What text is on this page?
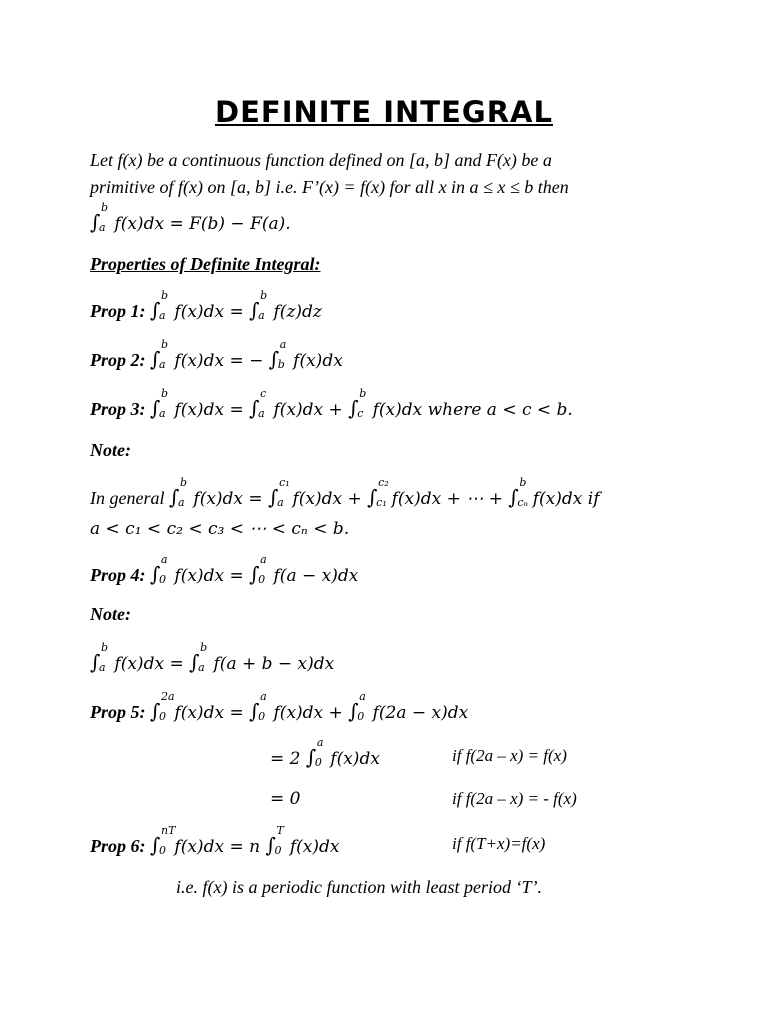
DEFINITE INTEGRAL
Let f(x) be a continuous function defined on [a, b] and F(x) be a
primitive of f(x) on [a, b] i.e. F’(x) = f(x) for all x in a ≤ x ≤ b then
∫
b
a f(x)dx = F(b) − F(a).
Properties of Definite Integral:
Prop 1: ∫
b
a f(x)dx = ∫
b
a f(z)dz
Prop 2: ∫
b
a f(x)dx = − ∫
a
b f(x)dx
Prop 3: ∫
b
a f(x)dx = ∫
c
a f(x)dx + ∫
b
c f(x)dx where a < c < b.
Note:
In general ∫
b
a f(x)dx = ∫
c₁
a f(x)dx + ∫
c₂
c₁ f(x)dx + ⋯ + ∫
b
cₙ f(x)dx if
a < c₁ < c₂ < c₃ < ⋯ < cₙ < b.
Prop 4: ∫
a
0 f(x)dx = ∫
a
0 f(a − x)dx
Note:
∫
b
a f(x)dx = ∫
b
a f(a + b − x)dx
Prop 5: ∫
2a
0 f(x)dx = ∫
a
0 f(x)dx + ∫
a
0 f(2a − x)dx
= 2 ∫
a
0 f(x)dx	if f(2a – x) = f(x)
= 0	if f(2a – x) = - f(x)
Prop 6: ∫
nT
0 f(x)dx = n ∫
T
0 f(x)dx	if f(T+x)=f(x)
i.e. f(x) is a periodic function with least period ‘T’.
